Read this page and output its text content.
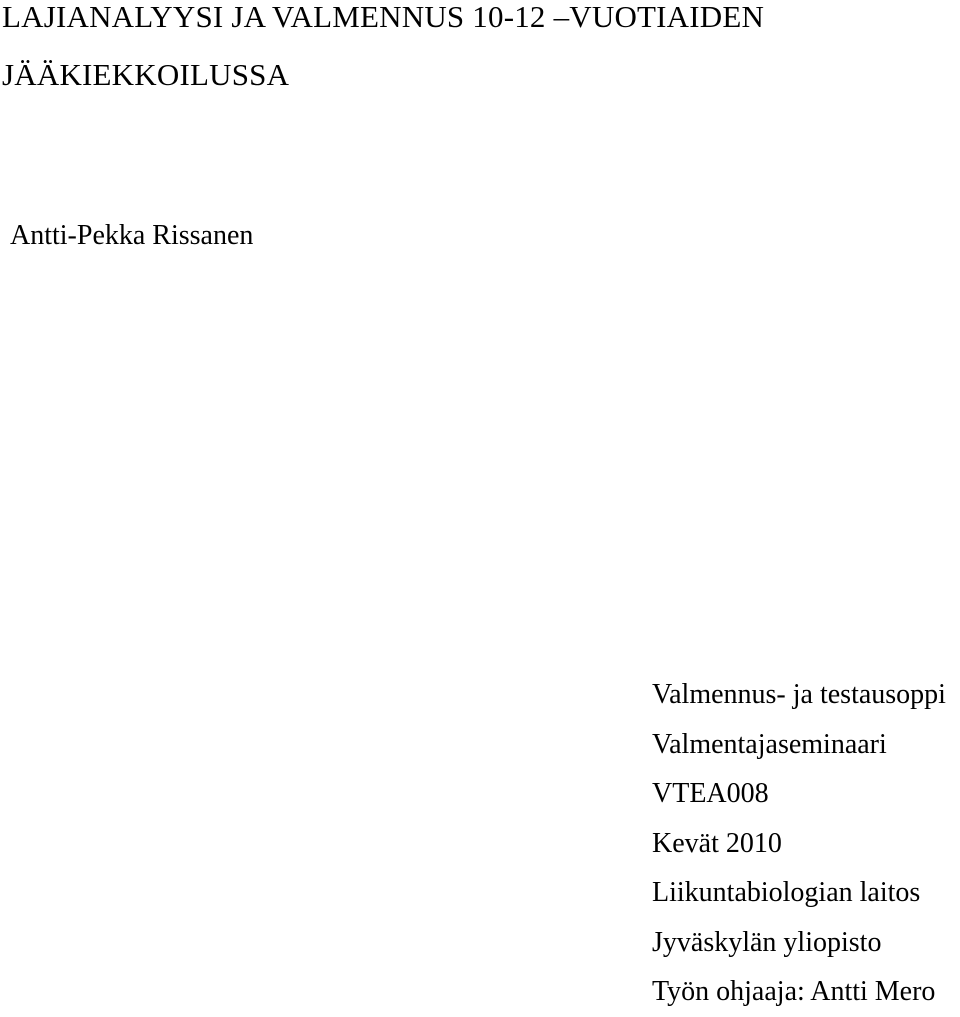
LAJIANALYYSI JA VALMENNUS 10-12 –VUOTIAIDEN
JÄÄKIEKKOILUSSA

Antti-Pekka Rissanen

Valmennus- ja testausoppi
Valmentajaseminaari
VTEA008
Kevät 2010
Liikuntabiologian laitos
Jyväskylän yliopisto
Työn ohjaaja: Antti Mero
